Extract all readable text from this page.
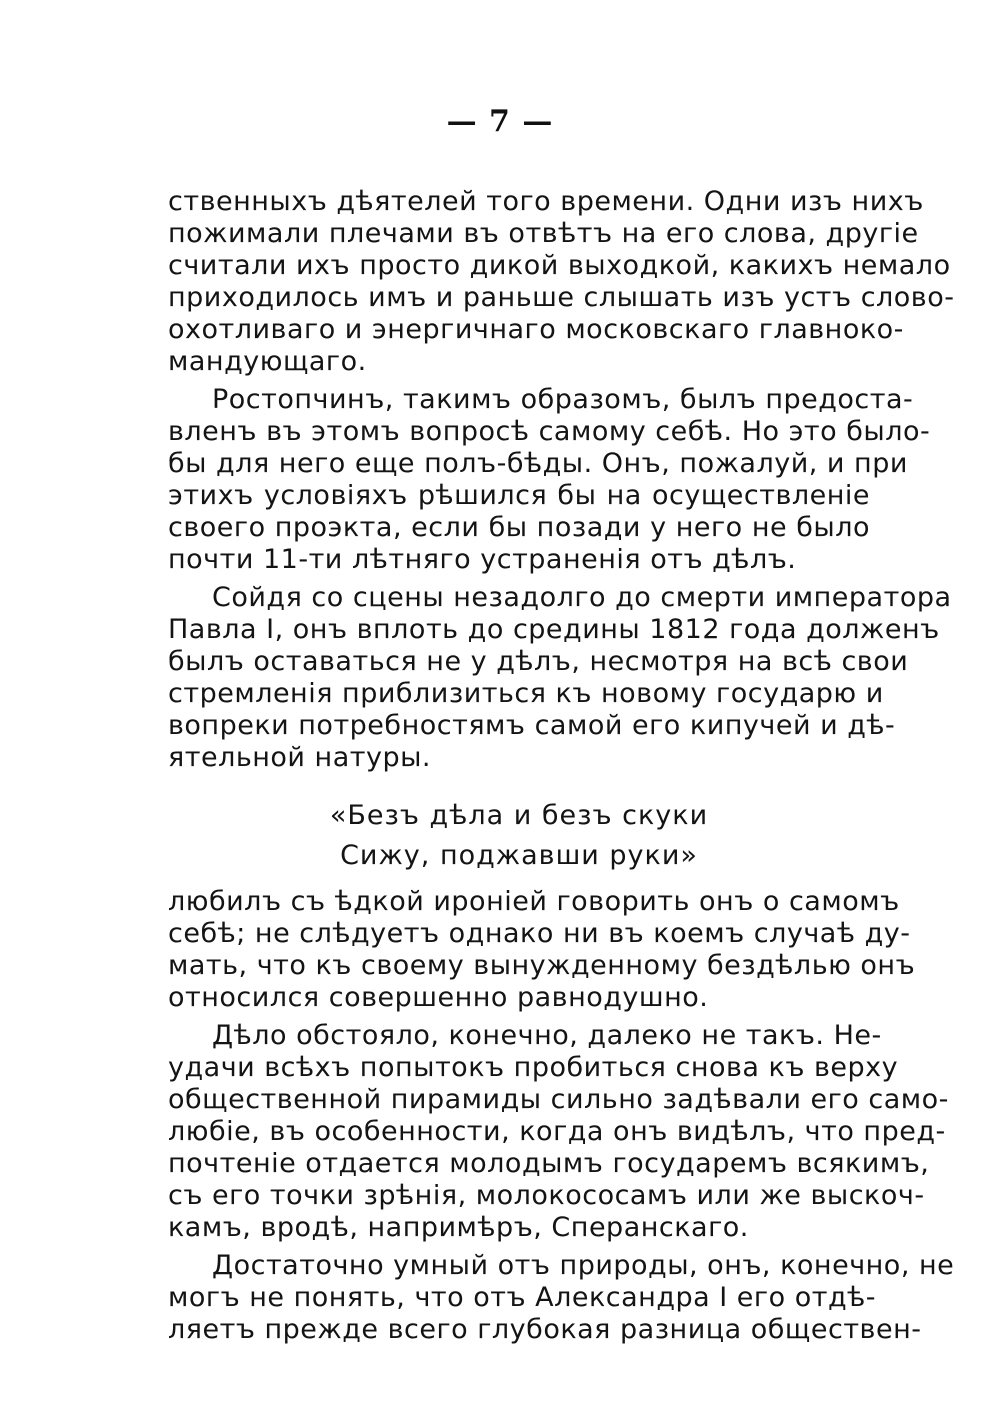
— 7 —
ственныхъ дѣятелей того времени. Одни изъ нихъ
пожимали плечами въ отвѣтъ на его слова, другіе
считали ихъ просто дикой выходкой, какихъ немало
приходилось имъ и раньше слышать изъ устъ слово-
охотливаго и энергичнаго московскаго главноко-
мандующаго.
Ростопчинъ, такимъ образомъ, былъ предоста-
вленъ въ этомъ вопросѣ самому себѣ. Но это было-
бы для него еще полъ-бѣды. Онъ, пожалуй, и при
этихъ условіяхъ рѣшился бы на осуществленіе
своего проэкта, если бы позади у него не было
почти 11-ти лѣтняго устраненія отъ дѣлъ.
Сойдя со сцены незадолго до смерти императора
Павла I, онъ вплоть до средины 1812 года долженъ
былъ оставаться не у дѣлъ, несмотря на всѣ свои
стремленія приблизиться къ новому государю и
вопреки потребностямъ самой его кипучей и дѣ-
ятельной натуры.
«Безъ дѣла и безъ скуки
Сижу, поджавши руки»
любилъ съ ѣдкой ироніей говорить онъ о самомъ
себѣ; не слѣдуетъ однако ни въ коемъ случаѣ ду-
мать, что къ своему вынужденному бездѣлью онъ
относился совершенно равнодушно.
Дѣло обстояло, конечно, далеко не такъ. Не-
удачи всѣхъ попытокъ пробиться снова къ верху
общественной пирамиды сильно задѣвали его само-
любіе, въ особенности, когда онъ видѣлъ, что пред-
почтеніе отдается молодымъ государемъ всякимъ,
съ его точки зрѣнія, молокососамъ или же выскоч-
камъ, вродѣ, напримѣръ, Сперанскаго.
Достаточно умный отъ природы, онъ, конечно, не
могъ не понять, что отъ Александра I его отдѣ-
ляетъ прежде всего глубокая разница обществен-
